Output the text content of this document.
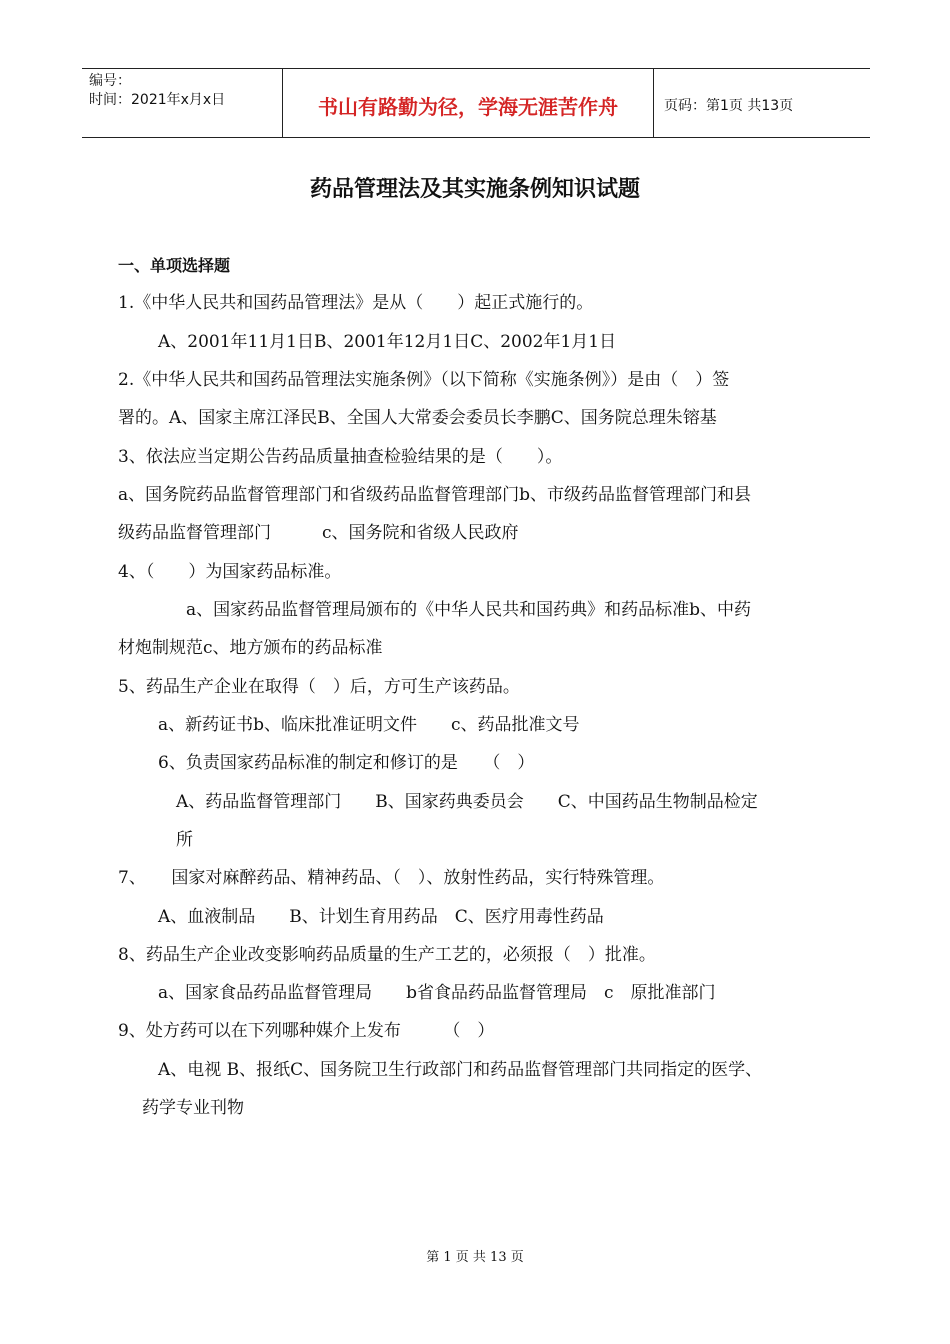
编号：
时间：2021年x月x日	书山有路勤为径，学海无涯苦作舟	页码：第1页 共13页
药品管理法及其实施条例知识试题
一、单项选择题
1.《中华人民共和国药品管理法》是从（　　）起正式施行的。
A、2001年11月1日B、2001年12月1日C、2002年1月1日
2.《中华人民共和国药品管理法实施条例》（以下简称《实施条例》）是由（　）签
署的。A、国家主席江泽民B、全国人大常委会委员长李鹏C、国务院总理朱镕基
3、依法应当定期公告药品质量抽查检验结果的是（　　）。
a、国务院药品监督管理部门和省级药品监督管理部门b、市级药品监督管理部门和县
级药品监督管理部门　　　c、国务院和省级人民政府
4、（　　）为国家药品标准。
a、国家药品监督管理局颁布的《中华人民共和国药典》和药品标准b、中药
材炮制规范c、地方颁布的药品标准
5、药品生产企业在取得（　）后，方可生产该药品。
a、新药证书b、临床批准证明文件　　c、药品批准文号
6、负责国家药品标准的制定和修订的是　　（　）
A、药品监督管理部门　　B、国家药典委员会　　C、中国药品生物制品检定
所
7、　　国家对麻醉药品、精神药品、（　）、放射性药品，实行特殊管理。
A、血液制品　　B、计划生育用药品　C、医疗用毒性药品
8、药品生产企业改变影响药品质量的生产工艺的，必须报（　）批准。
a、国家食品药品监督管理局　　b省食品药品监督管理局　c　原批准部门
9、处方药可以在下列哪种媒介上发布　　　（　）
A、电视 B、报纸C、国务院卫生行政部门和药品监督管理部门共同指定的医学、
药学专业刊物
第 1 页 共 13 页
